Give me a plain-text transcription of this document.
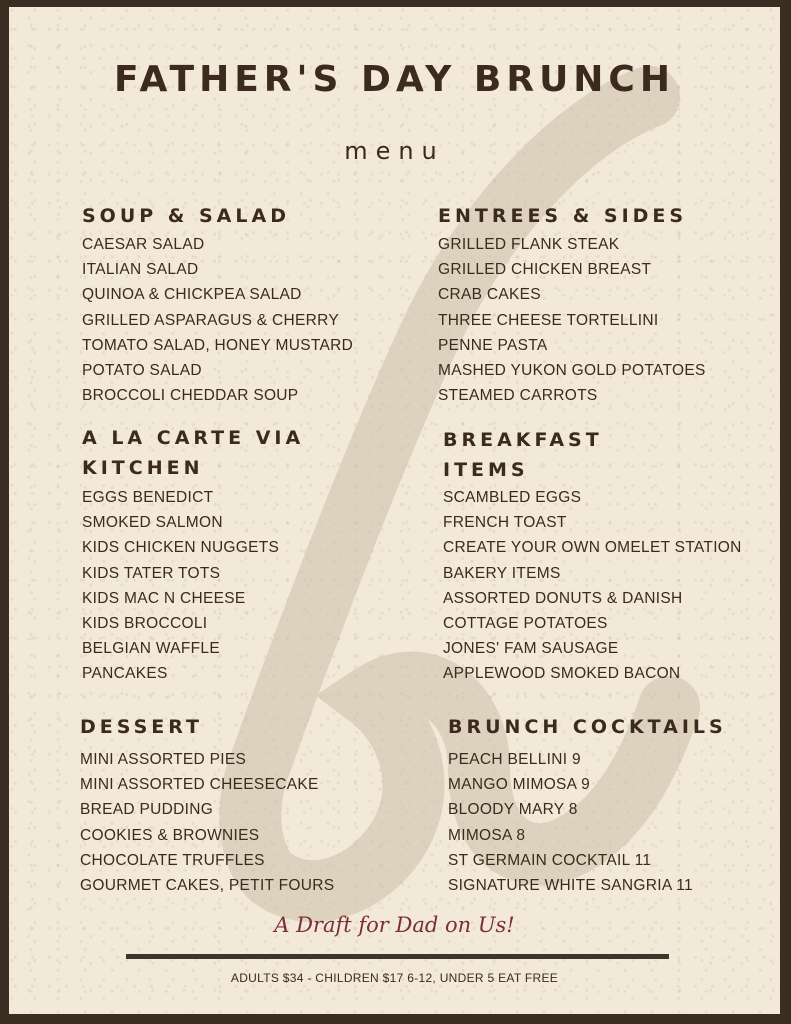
FATHER'S DAY BRUNCH
menu
SOUP & SALAD
CAESAR SALAD
ITALIAN SALAD
QUINOA & CHICKPEA SALAD
GRILLED ASPARAGUS & CHERRY
TOMATO SALAD, HONEY MUSTARD
POTATO SALAD
BROCCOLI CHEDDAR SOUP
ENTREES & SIDES
GRILLED FLANK STEAK
GRILLED CHICKEN BREAST
CRAB CAKES
THREE CHEESE TORTELLINI
PENNE PASTA
MASHED YUKON GOLD POTATOES
STEAMED CARROTS
A LA CARTE VIA
KITCHEN
EGGS BENEDICT
SMOKED SALMON
KIDS CHICKEN NUGGETS
KIDS TATER TOTS
KIDS MAC N CHEESE
KIDS BROCCOLI
BELGIAN WAFFLE
PANCAKES
BREAKFAST
ITEMS
SCAMBLED EGGS
FRENCH TOAST
CREATE YOUR OWN OMELET STATION
BAKERY ITEMS
ASSORTED DONUTS & DANISH
COTTAGE POTATOES
JONES' FAM SAUSAGE
APPLEWOOD SMOKED BACON
DESSERT
MINI ASSORTED PIES
MINI ASSORTED CHEESECAKE
BREAD PUDDING
COOKIES & BROWNIES
CHOCOLATE TRUFFLES
GOURMET CAKES, PETIT FOURS
BRUNCH COCKTAILS
PEACH BELLINI 9
MANGO MIMOSA 9
BLOODY MARY 8
MIMOSA 8
ST GERMAIN COCKTAIL 11
SIGNATURE WHITE SANGRIA 11
A Draft for Dad on Us!
ADULTS $34 - CHILDREN $17 6-12, UNDER 5 EAT FREE
